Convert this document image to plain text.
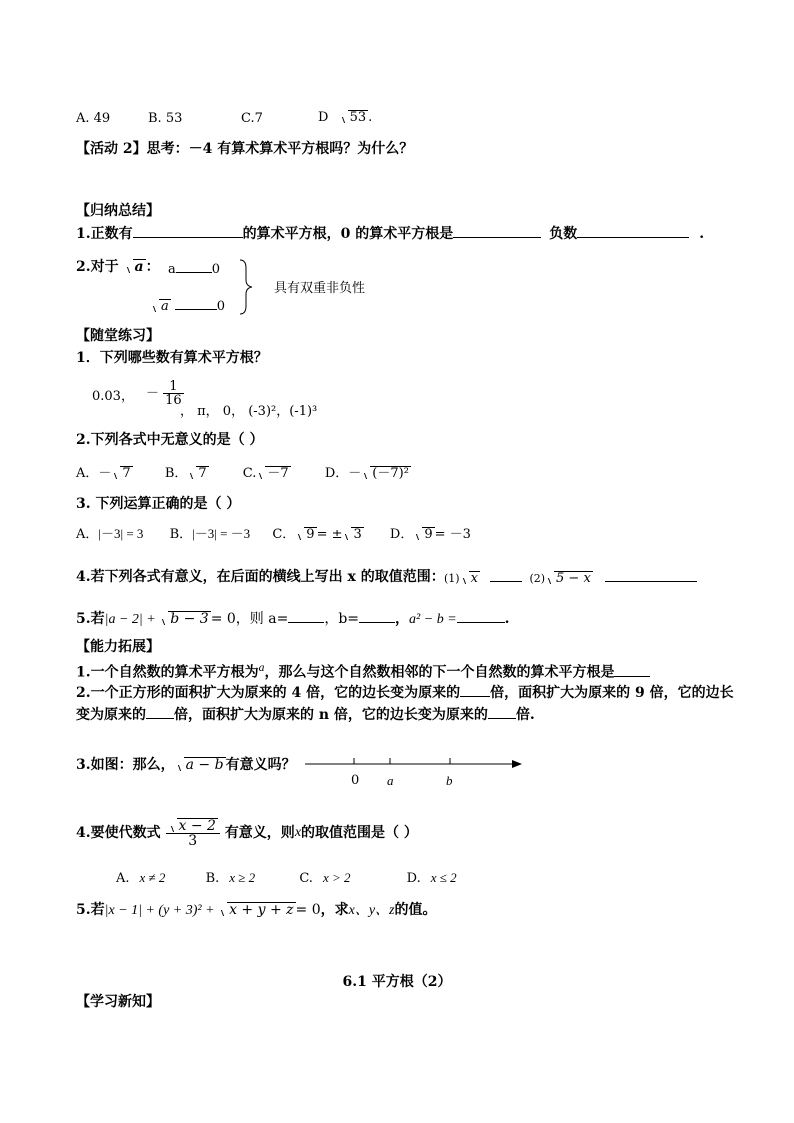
A. 49	B. 53	C.7	D 53 .
【活动 2】思考：－4 有算术算术平方根吗？为什么？
【归纳总结】
1.正数有	的算术平方根，0 的算术平方根是	负数	.
2.对于 a ： a	0
a	0
具有双重非负性
【随堂练习】
1．下列哪些数有算术平方根？
0.03， － $\frac{1}{16}$
， π， 0， (-3)²，(-1)³
2.下列各式中无意义的是（ ）
A．－ 7	B． 7	C. －7	D．－ (－7)²
3. 下列运算正确的是（ ）
A．|－3| = 3 B．|－3| = －3 C． 9 = ± 3 D． 9 = －3
4.若下列各式有意义，在后面的横线上写出 x 的取值范围： (1) x	(2) 5 − x
5.若|a − 2| + b − 3 = 0，则 a=	，b=	，a² − b =	.
【能力拓展】
1.一个自然数的算术平方根为$^a$，那么与这个自然数相邻的下一个自然数的算术平方根是
2.一个正方形的面积扩大为原来的 4 倍，它的边长变为原来的 倍，面积扩大为原来的 9 倍，它的边长
变为原来的 倍，面积扩大为原来的 n 倍，它的边长变为原来的 倍.
3.如图：那么， a − b 有意义吗？
0 a	b
4.要使代数式 $\frac{x - 2}{3}$ 有意义，则x的取值范围是（ ）
A. x ≠ 2	B. x ≥ 2	C. x > 2	D. x ≤ 2
5.若|x − 1| + (y + 3)² + x + y + z = 0，求x、y、z的值。
6.1 平方根（2）
【学习新知】
